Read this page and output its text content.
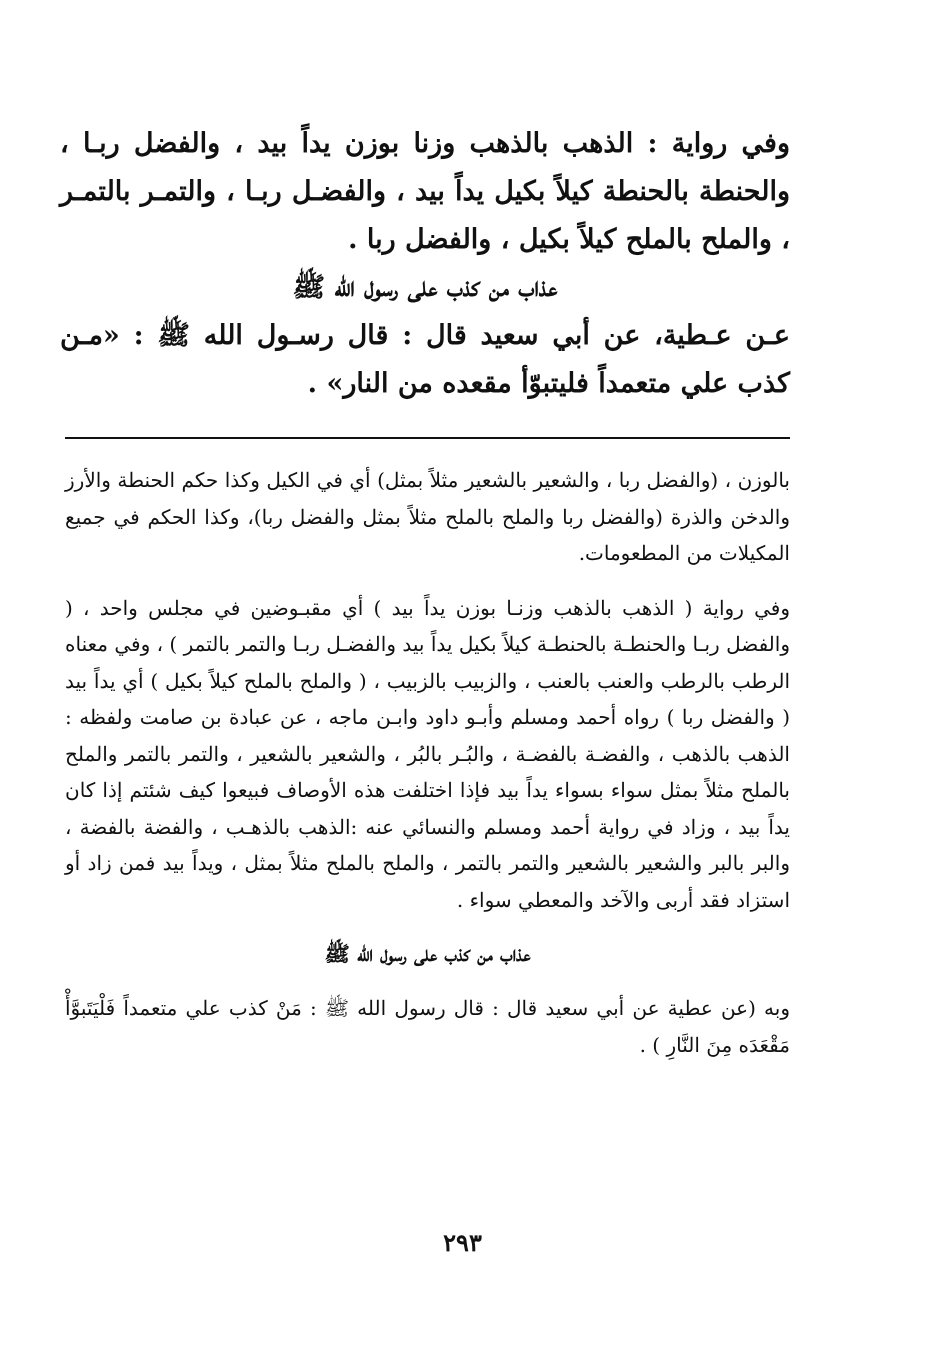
وفي رواية : الذهب بالذهب وزنا بوزن يداً بيد ، والفضل ربـا ، والحنطة بالحنطة كيلاً بكيل يداً بيد ، والفضـل ربـا ، والتمـر بالتمـر ، والملح بالملح كيلاً بكيل ، والفضل ربا .

عذاب من كذب على رسول الله ﷺ

عـن عـطية، عن أبي سعيد قال : قال رسـول الله ﷺ : «مـن كذب علي متعمداً فليتبوّأ مقعده من النار» .

بالوزن ، (والفضل ربا ، والشعير بالشعير مثلاً بمثل) أي في الكيل وكذا حكم الحنطة والأرز والدخن والذرة (والفضل ربا والملح بالملح مثلاً بمثل والفضل ربا)، وكذا الحكم في جميع المكيلات من المطعومات.

وفي رواية ( الذهب بالذهب وزنـا بوزن يداً بيد ) أي مقبـوضين في مجلس واحد ، ( والفضل ربـا والحنطـة بالحنطـة كيلاً بكيل يداً بيد والفضـل ربـا والتمر بالتمر ) ، وفي معناه الرطب بالرطب والعنب بالعنب ، والزبيب بالزبيب ، ( والملح بالملح كيلاً بكيل ) أي يداً بيد ( والفضل ربا ) رواه أحمد ومسلم وأبـو داود وابـن ماجه ، عن عبادة بن صامت ولفظه : الذهب بالذهب ، والفضـة بالفضـة ، والبُـر بالبُر ، والشعير بالشعير ، والتمر بالتمر والملح بالملح مثلاً بمثل سواء بسواء يداً بيد فإذا اختلفت هذه الأوصاف فبيعوا كيف شئتم إذا كان يداً بيد ، وزاد في رواية أحمد ومسلم والنسائي عنه :الذهب بالذهـب ، والفضة بالفضة ، والبر بالبر والشعير بالشعير والتمر بالتمر ، والملح بالملح مثلاً بمثل ، ويداً بيد فمن زاد أو استزاد فقد أربى والآخد والمعطي سواء .

عذاب من كذب على رسول الله ﷺ

وبه (عن عطية عن أبي سعيد قال : قال رسول الله ﷺ : مَنْ كذب علي متعمداً فَلْيَتَبوَّأْ مَقْعَدَه مِنَ النَّارِ ) .

٢٩٣
